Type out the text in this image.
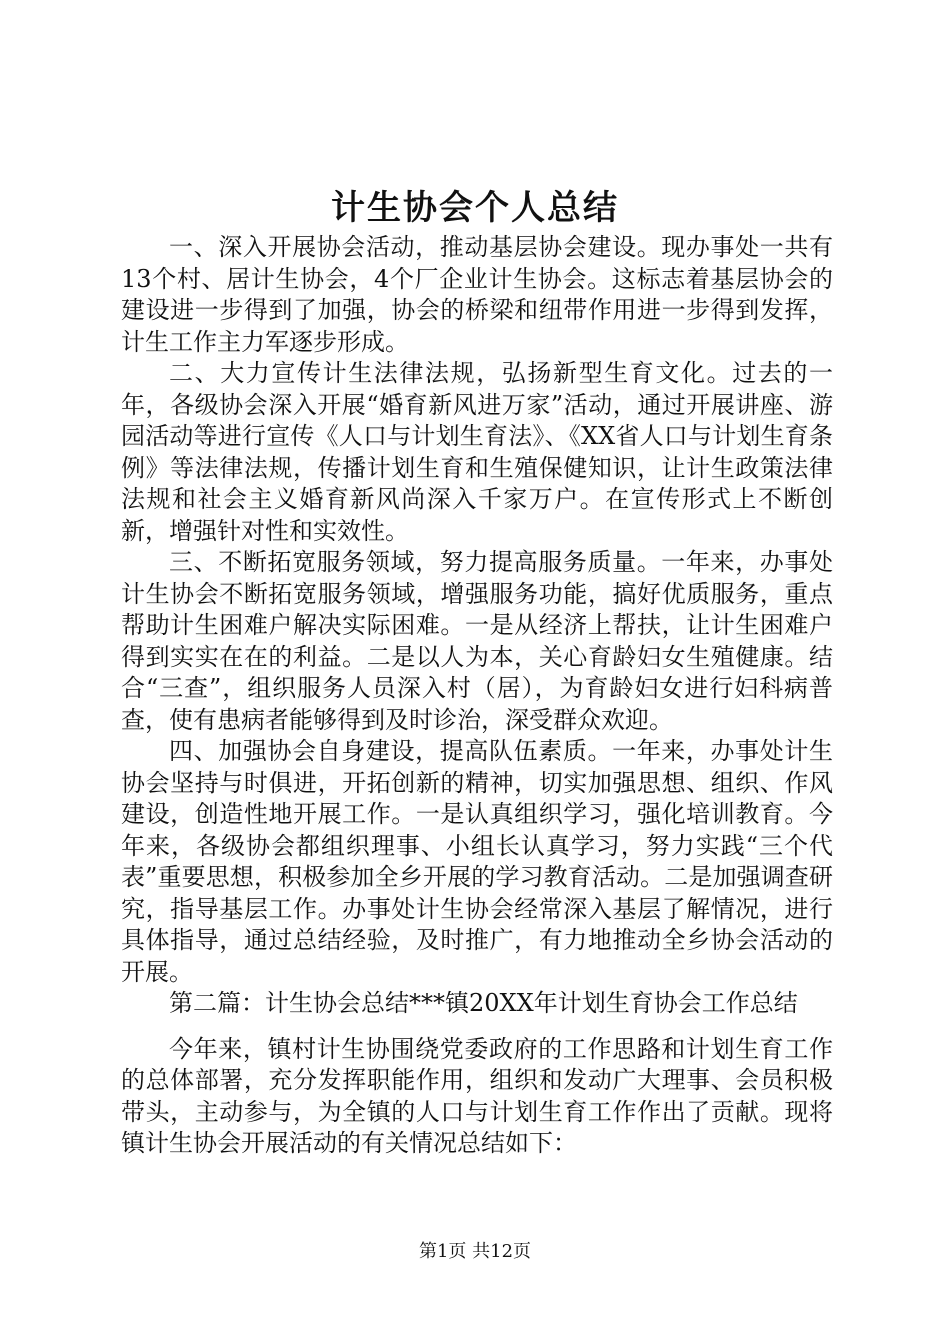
计生协会个人总结

一、深入开展协会活动，推动基层协会建设。现办事处一共有13个村、居计生协会，4个厂企业计生协会。这标志着基层协会的建设进一步得到了加强，协会的桥梁和纽带作用进一步得到发挥，计生工作主力军逐步形成。

二、大力宣传计生法律法规，弘扬新型生育文化。过去的一年，各级协会深入开展“婚育新风进万家”活动，通过开展讲座、游园活动等进行宣传《人口与计划生育法》、《XX省人口与计划生育条例》等法律法规，传播计划生育和生殖保健知识，让计生政策法律法规和社会主义婚育新风尚深入千家万户。在宣传形式上不断创新，增强针对性和实效性。

三、不断拓宽服务领域，努力提高服务质量。一年来，办事处计生协会不断拓宽服务领域，增强服务功能，搞好优质服务，重点帮助计生困难户解决实际困难。一是从经济上帮扶，让计生困难户得到实实在在的利益。二是以人为本，关心育龄妇女生殖健康。结合“三查”，组织服务人员深入村（居），为育龄妇女进行妇科病普查，使有患病者能够得到及时诊治，深受群众欢迎。

四、加强协会自身建设，提高队伍素质。一年来，办事处计生协会坚持与时俱进，开拓创新的精神，切实加强思想、组织、作风建设，创造性地开展工作。一是认真组织学习，强化培训教育。今年来，各级协会都组织理事、小组长认真学习，努力实践“三个代表”重要思想，积极参加全乡开展的学习教育活动。二是加强调查研究，指导基层工作。办事处计生协会经常深入基层了解情况，进行具体指导，通过总结经验，及时推广，有力地推动全乡协会活动的开展。

第二篇：计生协会总结***镇20XX年计划生育协会工作总结

今年来，镇村计生协围绕党委政府的工作思路和计划生育工作的总体部署，充分发挥职能作用，组织和发动广大理事、会员积极带头，主动参与，为全镇的人口与计划生育工作作出了贡献。现将镇计生协会开展活动的有关情况总结如下：

第1页 共12页
